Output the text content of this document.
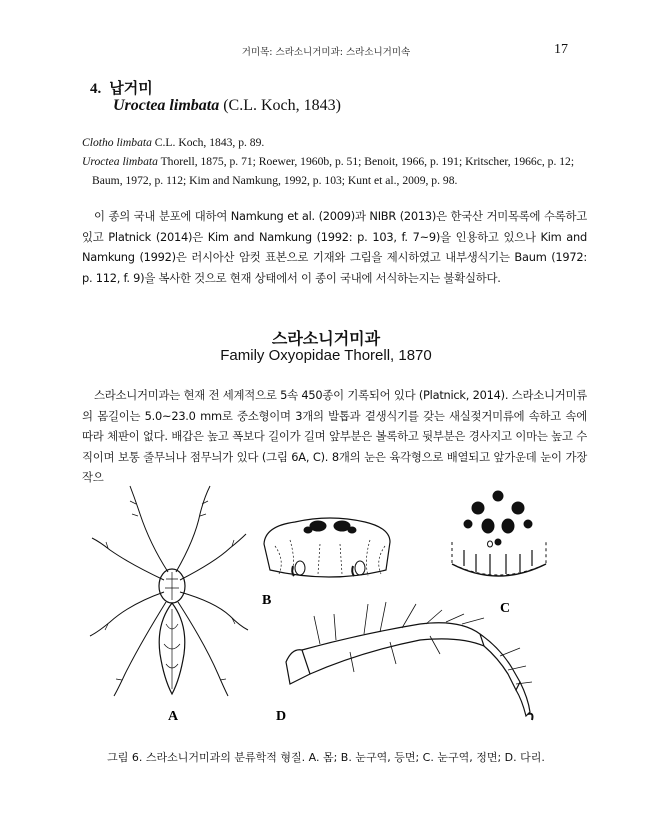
거미목: 스라소니거미과: 스라소니거미속	17
4. 납거미
Uroctea limbata (C.L. Koch, 1843)

Clotho limbata C.L. Koch, 1843, p. 89.

Uroctea limbata Thorell, 1875, p. 71; Roewer, 1960b, p. 51; Benoit, 1966, p. 191; Kritscher, 1966c, p. 12; Baum, 1972, p. 112; Kim and Namkung, 1992, p. 103; Kunt et al., 2009, p. 98.

이 종의 국내 분포에 대하여 Namkung et al. (2009)과 NIBR (2013)은 한국산 거미목록에 수록하고 있고 Platnick (2014)은 Kim and Namkung (1992: p. 103, f. 7~9)을 인용하고 있으나 Kim and Namkung (1992)은 러시아산 암컷 표본으로 기재와 그림을 제시하였고 내부생식기는 Baum (1972: p. 112, f. 9)을 복사한 것으로 현재 상태에서 이 종이 국내에 서식하는지는 불확실하다.

스라소니거미과
Family Oxyopidae Thorell, 1870

스라소니거미과는 현재 전 세계적으로 5속 450종이 기록되어 있다 (Platnick, 2014). 스라소니거미류의 몸길이는 5.0~23.0 mm로 중소형이며 3개의 발톱과 곁생식기를 갖는 새실젖거미류에 속하고 속에 따라 체판이 없다. 배갑은 높고 폭보다 길이가 길며 앞부분은 볼록하고 뒷부분은 경사지고 이마는 높고 수직이며 보통 줄무늬나 점무늬가 있다 (그림 6A, C). 8개의 눈은 육각형으로 배열되고 앞가운데 눈이 가장 작으

A
B
C
D
그림 6. 스라소니거미과의 분류학적 형질. A. 몸; B. 눈구역, 등면; C. 눈구역, 정면; D. 다리.
